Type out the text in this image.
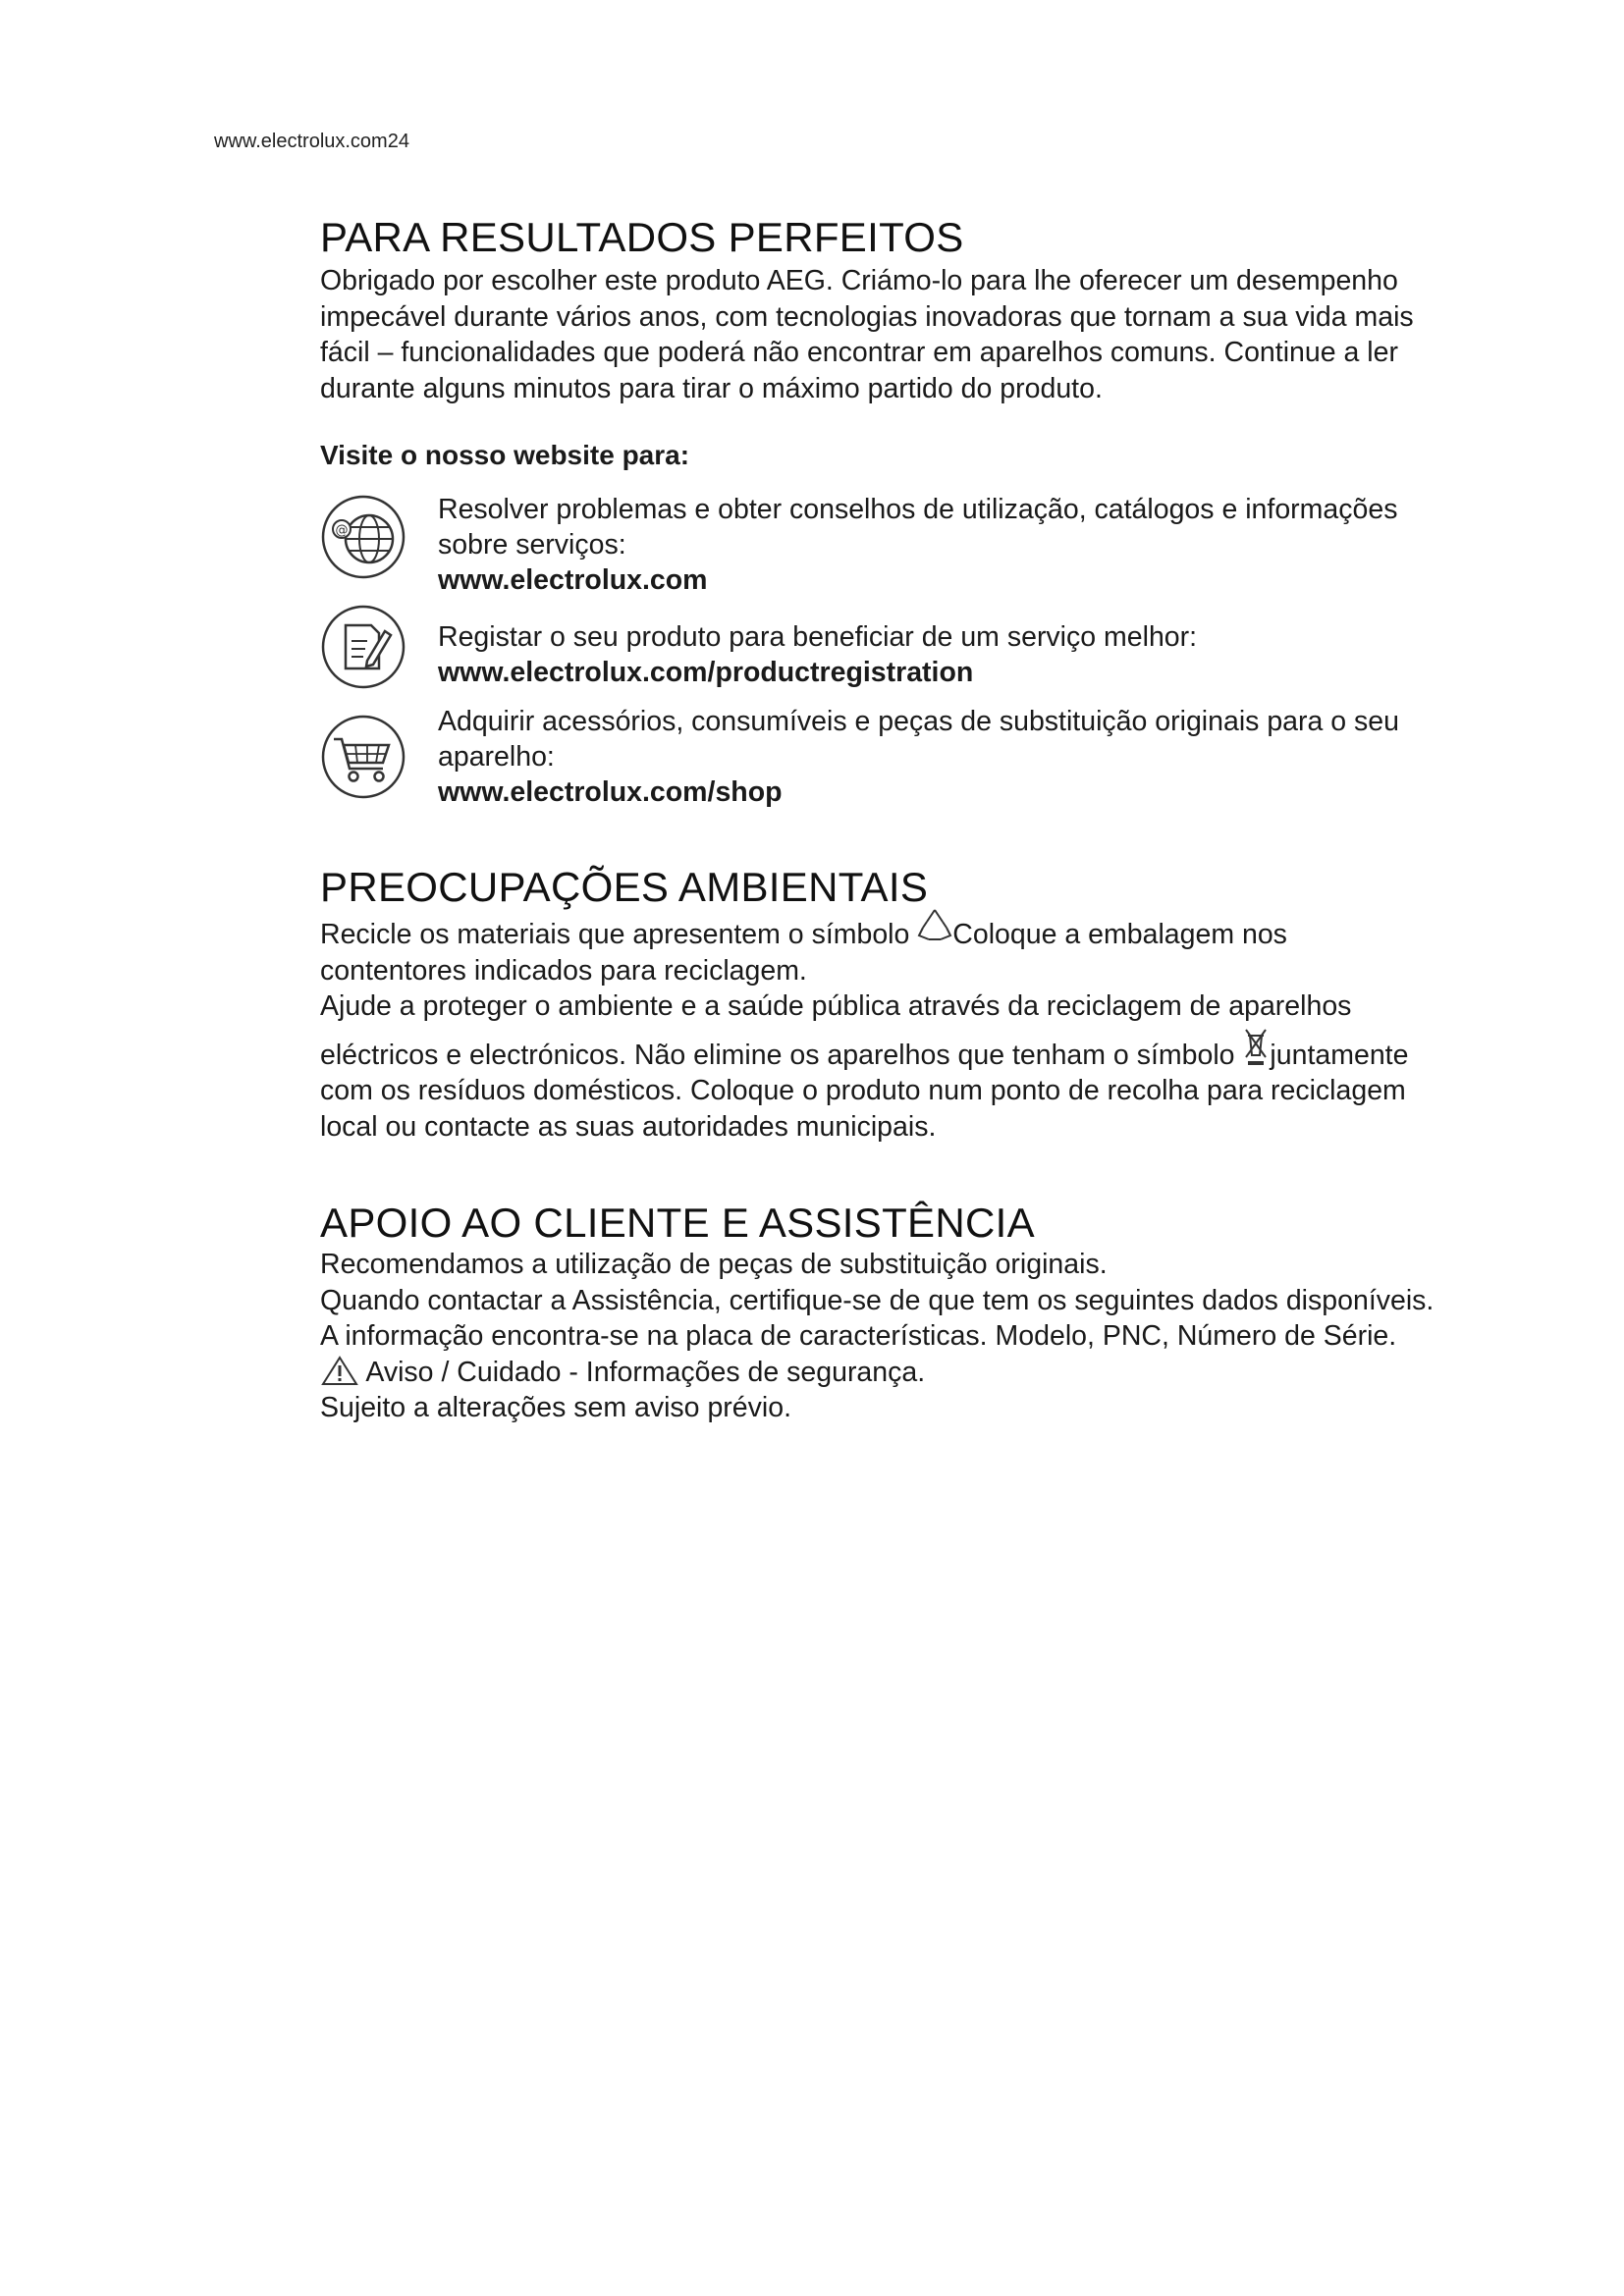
www.electrolux.com24
PARA RESULTADOS PERFEITOS

Obrigado por escolher este produto AEG. Criámo-lo para lhe oferecer um desempenho

impecável durante vários anos, com tecnologias inovadoras que tornam a sua vida mais

fácil – funcionalidades que poderá não encontrar em aparelhos comuns. Continue a ler

durante alguns minutos para tirar o máximo partido do produto.

Visite o nosso website para:

@
Resolver problemas e obter conselhos de utilização, catálogos e informações
sobre serviços:
www.electrolux.com
Registar o seu produto para beneficiar de um serviço melhor:
www.electrolux.com/productregistration
Adquirir acessórios, consumíveis e peças de substituição originais para o seu
aparelho:
www.electrolux.com/shop
PREOCUPAÇÕES AMBIENTAIS

Recicle os materiais que apresentem o símbolo Coloque a embalagem nos

contentores indicados para reciclagem.

Ajude a proteger o ambiente e a saúde pública através da reciclagem de aparelhos

eléctricos e electrónicos. Não elimine os aparelhos que tenham o símbolo juntamente

com os resíduos domésticos. Coloque o produto num ponto de recolha para reciclagem

local ou contacte as suas autoridades municipais.

APOIO AO CLIENTE E ASSISTÊNCIA

Recomendamos a utilização de peças de substituição originais.

Quando contactar a Assistência, certifique-se de que tem os seguintes dados disponíveis.

A informação encontra-se na placa de características. Modelo, PNC, Número de Série.

Aviso / Cuidado - Informações de segurança.

Sujeito a alterações sem aviso prévio.
